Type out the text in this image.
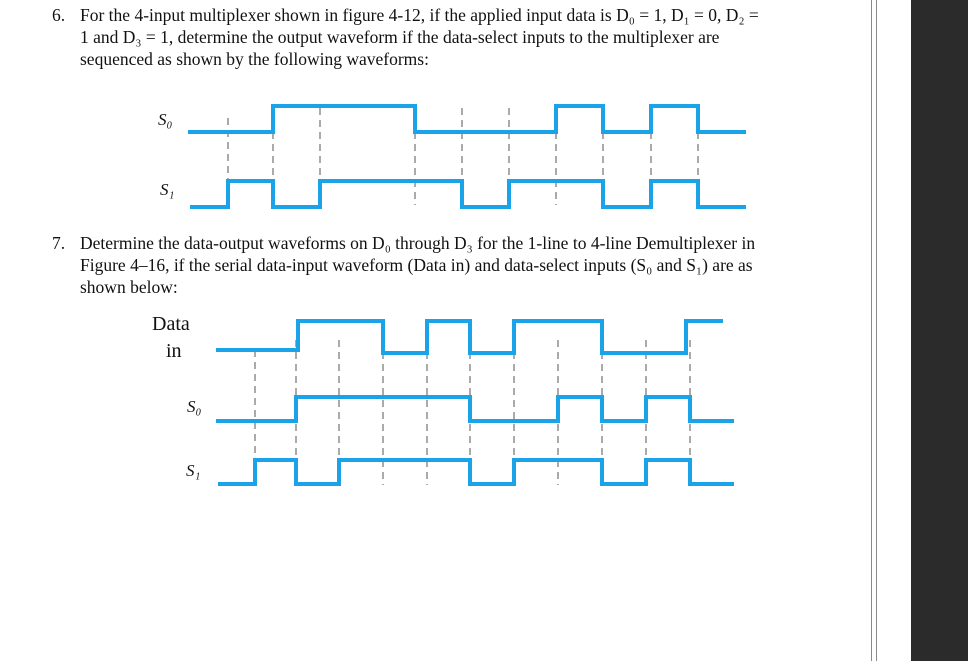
6. For the 4-input multiplexer shown in figure 4-12, if the applied input data is D₀ = 1, D₁ = 0, D₂ =
1 and D₃ = 1, determine the output waveform if the data-select inputs to the multiplexer are
sequenced as shown by the following waveforms:
S₀
S₁
7. Determine the data-output waveforms on D₀ through D₃ for the 1-line to 4-line Demultiplexer in
Figure 4–16, if the serial data-input waveform (Data in) and data-select inputs (S₀ and S₁) are as
shown below:
Data
in
S₀
S₁
